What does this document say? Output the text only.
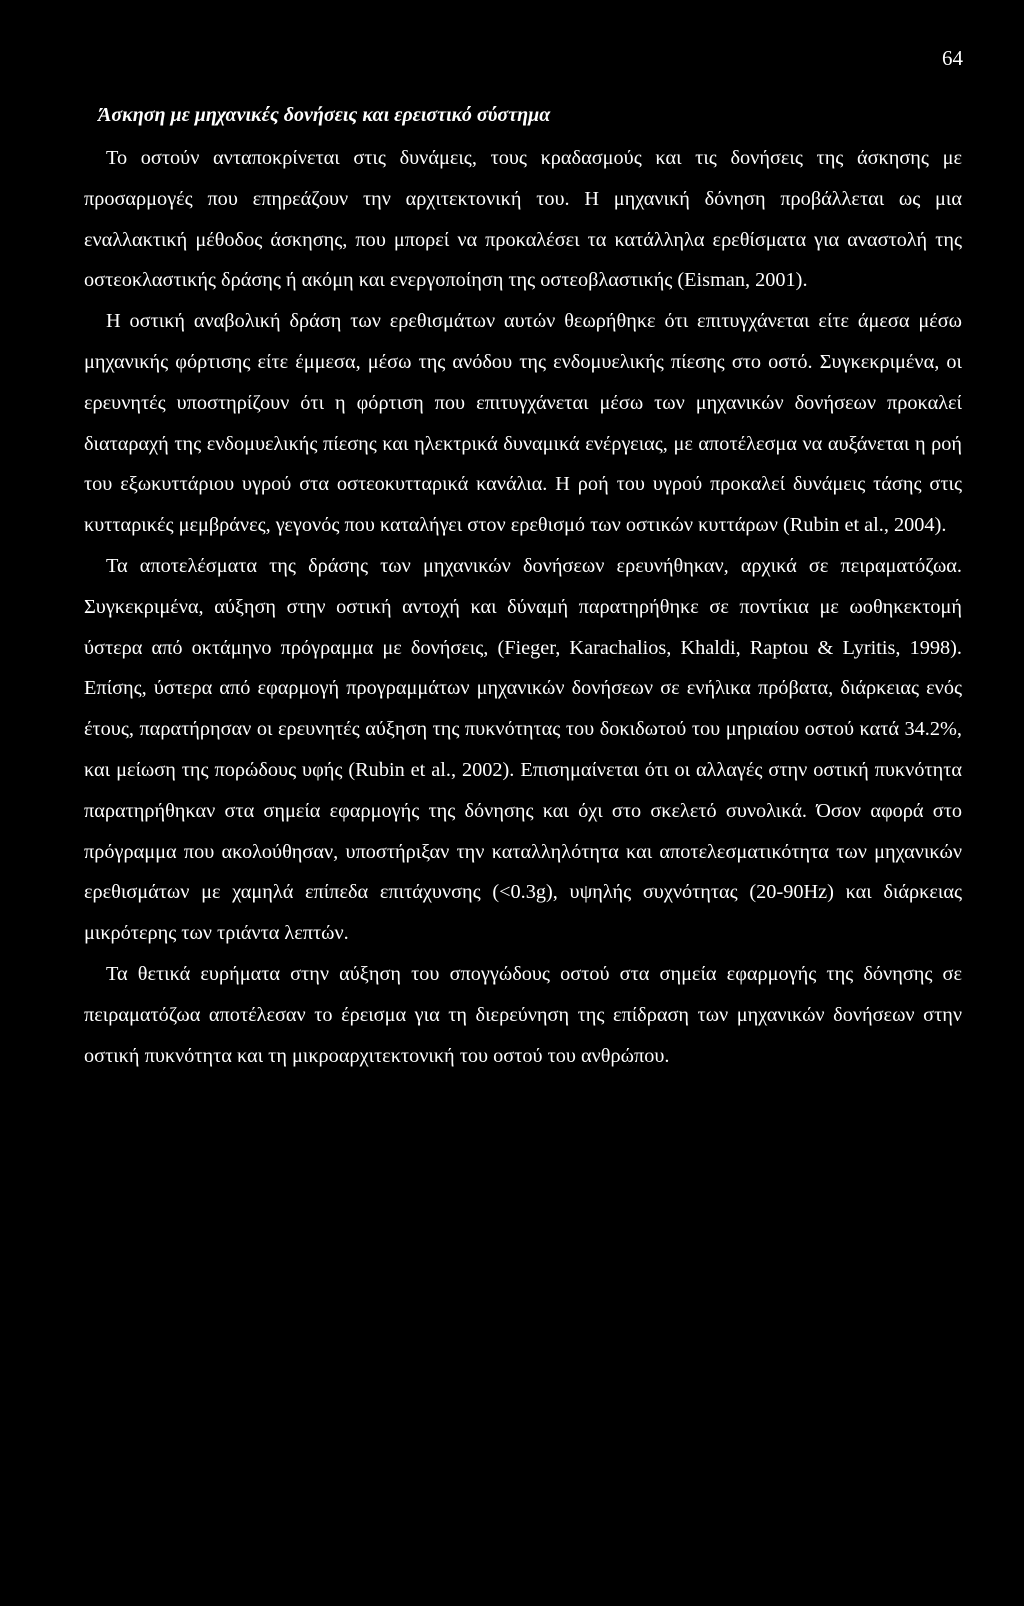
64
Άσκηση με μηχανικές δονήσεις και ερειστικό σύστημα

Το οστούν ανταποκρίνεται στις δυνάμεις, τους κραδασμούς και τις δονήσεις της άσκησης με προσαρμογές που επηρεάζουν την αρχιτεκτονική του. Η μηχανική δόνηση προβάλλεται ως μια εναλλακτική μέθοδος άσκησης, που μπορεί να προκαλέσει τα κατάλληλα ερεθίσματα για αναστολή της οστεοκλαστικής δράσης ή ακόμη και ενεργοποίηση της οστεοβλαστικής (Eisman, 2001).

Η οστική αναβολική δράση των ερεθισμάτων αυτών θεωρήθηκε ότι επιτυγχάνεται είτε άμεσα μέσω μηχανικής φόρτισης είτε έμμεσα, μέσω της ανόδου της ενδομυελικής πίεσης στο οστό. Συγκεκριμένα, οι ερευνητές υποστηρίζουν ότι η φόρτιση που επιτυγχάνεται μέσω των μηχανικών δονήσεων προκαλεί διαταραχή της ενδομυελικής πίεσης και ηλεκτρικά δυναμικά ενέργειας, με αποτέλεσμα να αυξάνεται η ροή του εξωκυττάριου υγρού στα οστεοκυτταρικά κανάλια. Η ροή του υγρού προκαλεί δυνάμεις τάσης στις κυτταρικές μεμβράνες, γεγονός που καταλήγει στον ερεθισμό των οστικών κυττάρων (Rubin et al., 2004).

Τα αποτελέσματα της δράσης των μηχανικών δονήσεων ερευνήθηκαν, αρχικά σε πειραματόζωα. Συγκεκριμένα, αύξηση στην οστική αντοχή και δύναμή παρατηρήθηκε σε ποντίκια με ωοθηκεκτομή ύστερα από οκτάμηνο πρόγραμμα με δονήσεις, (Fieger, Karachalios, Khaldi, Raptou & Lyritis, 1998). Επίσης, ύστερα από εφαρμογή προγραμμάτων μηχανικών δονήσεων σε ενήλικα πρόβατα, διάρκειας ενός έτους, παρατήρησαν οι ερευνητές αύξηση της πυκνότητας του δοκιδωτού του μηριαίου οστού κατά 34.2%, και μείωση της πορώδους υφής (Rubin et al., 2002). Επισημαίνεται ότι οι αλλαγές στην οστική πυκνότητα παρατηρήθηκαν στα σημεία εφαρμογής της δόνησης και όχι στο σκελετό συνολικά. Όσον αφορά στο πρόγραμμα που ακολούθησαν, υποστήριξαν την καταλληλότητα και αποτελεσματικότητα των μηχανικών ερεθισμάτων με χαμηλά επίπεδα επιτάχυνσης (<0.3g), υψηλής συχνότητας (20-90Hz) και διάρκειας μικρότερης των τριάντα λεπτών.

Τα θετικά ευρήματα στην αύξηση του σπογγώδους οστού στα σημεία εφαρμογής της δόνησης σε πειραματόζωα αποτέλεσαν το έρεισμα για τη διερεύνηση της επίδραση των μηχανικών δονήσεων στην οστική πυκνότητα και τη μικροαρχιτεκτονική του οστού του ανθρώπου.
